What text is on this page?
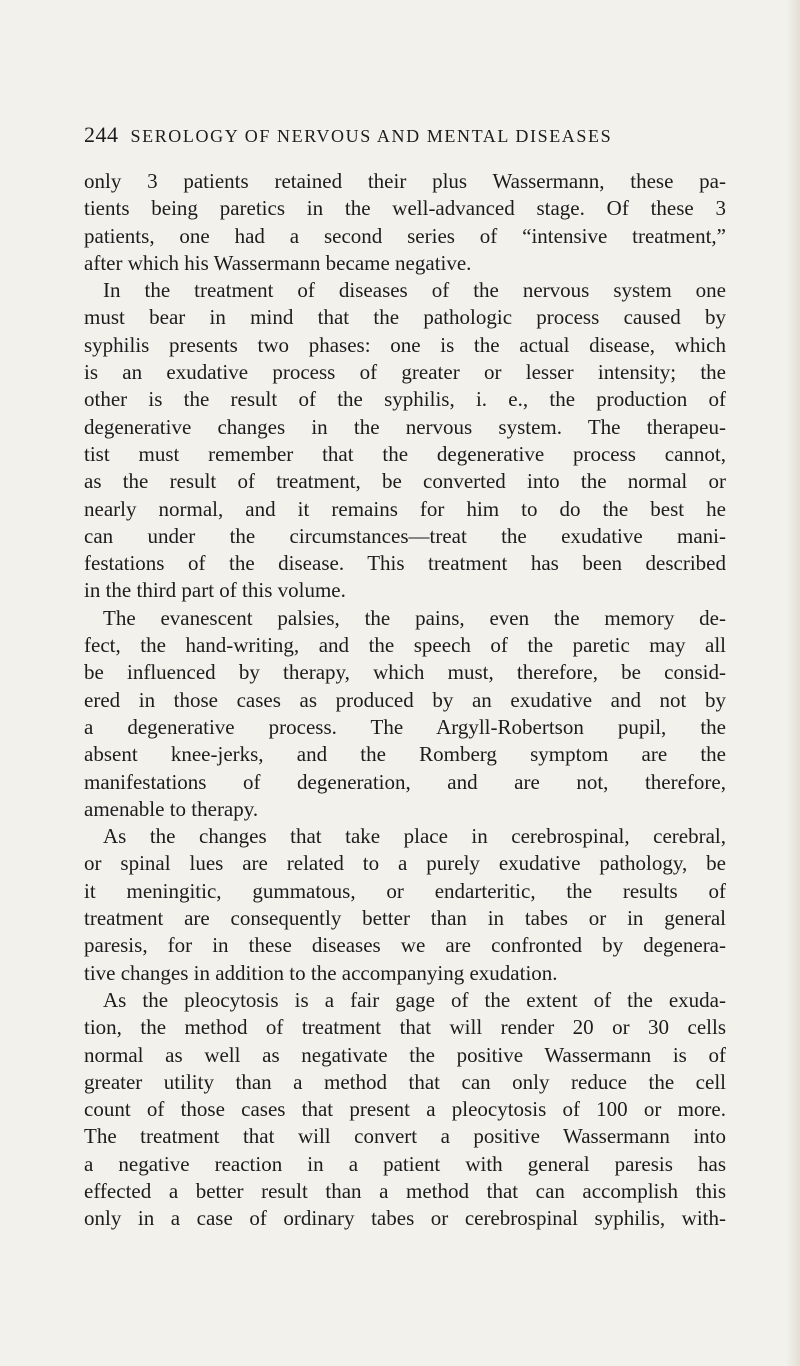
244 SEROLOGY OF NERVOUS AND MENTAL DISEASES
only 3 patients retained their plus Wassermann, these pa-
tients being paretics in the well-advanced stage. Of these 3
patients, one had a second series of “intensive treatment,”
after which his Wassermann became negative.
In the treatment of diseases of the nervous system one
must bear in mind that the pathologic process caused by
syphilis presents two phases: one is the actual disease, which
is an exudative process of greater or lesser intensity; the
other is the result of the syphilis, i. e., the production of
degenerative changes in the nervous system. The therapeu-
tist must remember that the degenerative process cannot,
as the result of treatment, be converted into the normal or
nearly normal, and it remains for him to do the best he
can under the circumstances—treat the exudative mani-
festations of the disease. This treatment has been described
in the third part of this volume.
The evanescent palsies, the pains, even the memory de-
fect, the hand-writing, and the speech of the paretic may all
be influenced by therapy, which must, therefore, be consid-
ered in those cases as produced by an exudative and not by
a degenerative process. The Argyll-Robertson pupil, the
absent knee-jerks, and the Romberg symptom are the
manifestations of degeneration, and are not, therefore,
amenable to therapy.
As the changes that take place in cerebrospinal, cerebral,
or spinal lues are related to a purely exudative pathology, be
it meningitic, gummatous, or endarteritic, the results of
treatment are consequently better than in tabes or in general
paresis, for in these diseases we are confronted by degenera-
tive changes in addition to the accompanying exudation.
As the pleocytosis is a fair gage of the extent of the exuda-
tion, the method of treatment that will render 20 or 30 cells
normal as well as negativate the positive Wassermann is of
greater utility than a method that can only reduce the cell
count of those cases that present a pleocytosis of 100 or more.
The treatment that will convert a positive Wassermann into
a negative reaction in a patient with general paresis has
effected a better result than a method that can accomplish this
only in a case of ordinary tabes or cerebrospinal syphilis, with-
